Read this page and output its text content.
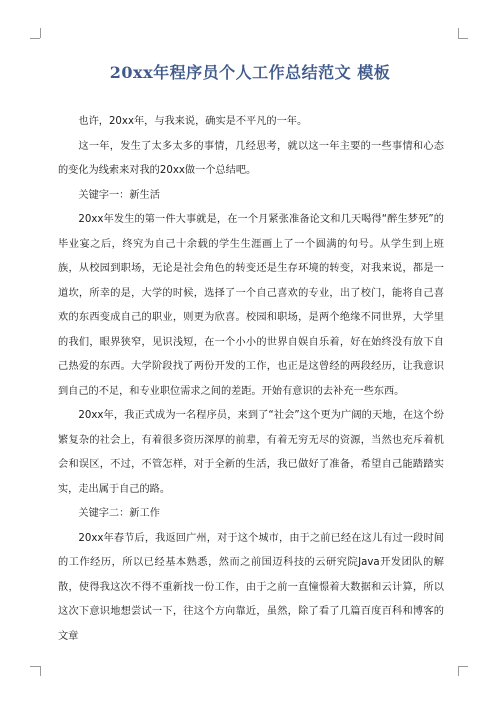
20xx年程序员个人工作总结范文 模板

也许，20xx年，与我来说，确实是不平凡的一年。

这一年，发生了太多太多的事情，几经思考，就以这一年主要的一些事情和心态的变化为线索来对我的20xx做一个总结吧。

关键字一：新生活

20xx年发生的第一件大事就是，在一个月紧张准备论文和几天喝得“醉生梦死”的毕业宴之后，终究为自己十余载的学生生涯画上了一个圆满的句号。从学生到上班族，从校园到职场，无论是社会角色的转变还是生存环境的转变，对我来说，都是一道坎，所幸的是，大学的时候，选择了一个自己喜欢的专业，出了校门，能将自己喜欢的东西变成自己的职业，则更为欣喜。校园和职场，是两个绝缘不同世界，大学里的我们，眼界狭窄，见识浅短，在一个小小的世界自娱自乐着，好在始终没有放下自己热爱的东西。大学阶段找了两份开发的工作，也正是这曾经的两段经历，让我意识到自己的不足，和专业职位需求之间的差距。开始有意识的去补充一些东西。

20xx年，我正式成为一名程序员，来到了“社会”这个更为广阔的天地，在这个纷繁复杂的社会上，有着很多资历深厚的前辈，有着无穷无尽的资源，当然也充斥着机会和误区，不过，不管怎样，对于全新的生活，我已做好了准备，希望自己能踏踏实实，走出属于自己的路。

关键字二：新工作

20xx年春节后，我返回广州，对于这个城市，由于之前已经在这儿有过一段时间的工作经历，所以已经基本熟悉，然而之前国迈科技的云研究院Java开发团队的解散，使得我这次不得不重新找一份工作，由于之前一直憧憬着大数据和云计算，所以这次下意识地想尝试一下，往这个方向靠近，虽然，除了看了几篇百度百科和博客的文章
